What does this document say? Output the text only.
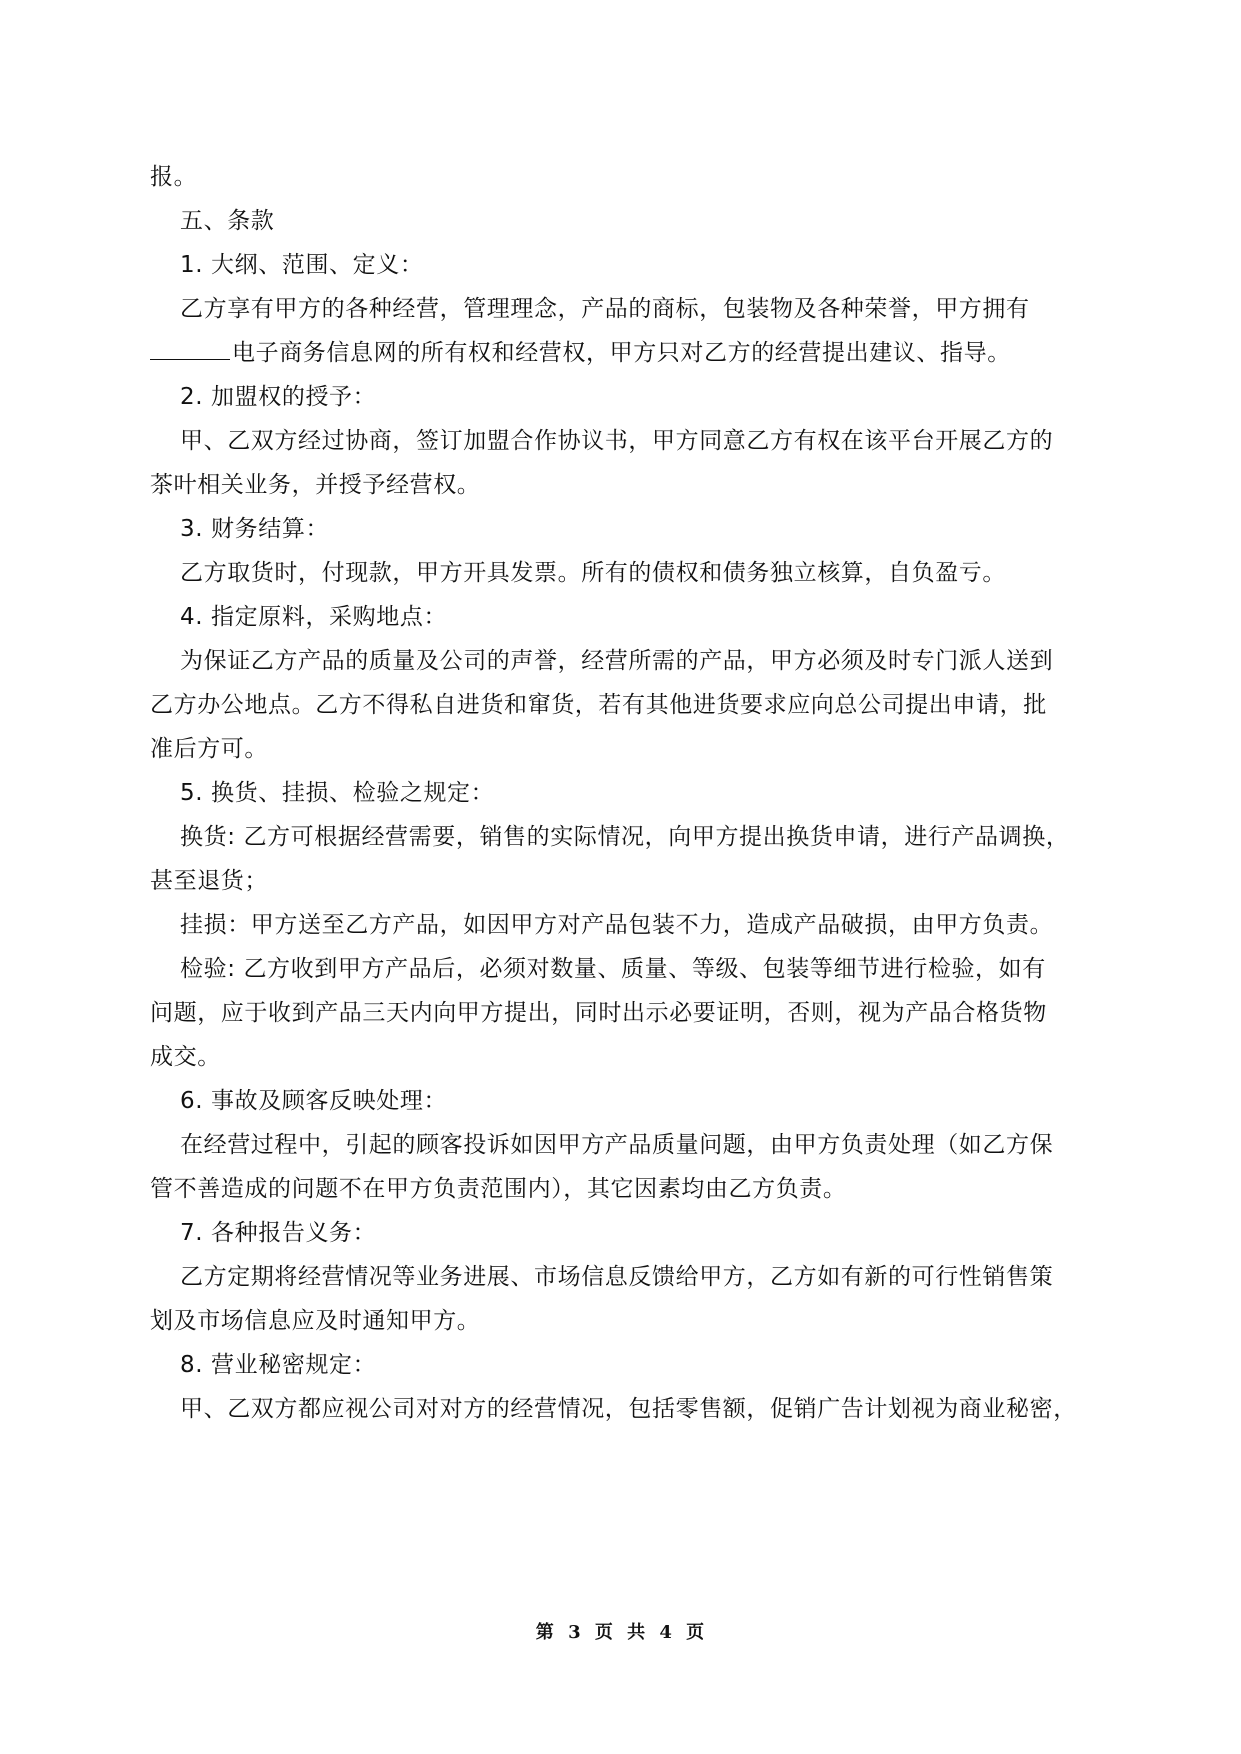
报。
五、条款
1. 大纲、范围、定义：
乙方享有甲方的各种经营，管理理念，产品的商标，包装物及各种荣誉，甲方拥有
电子商务信息网的所有权和经营权，甲方只对乙方的经营提出建议、指导。
2. 加盟权的授予：
甲、乙双方经过协商，签订加盟合作协议书，甲方同意乙方有权在该平台开展乙方的
茶叶相关业务，并授予经营权。
3. 财务结算：
乙方取货时，付现款，甲方开具发票。所有的债权和债务独立核算，自负盈亏。
4. 指定原料，采购地点：
为保证乙方产品的质量及公司的声誉，经营所需的产品，甲方必须及时专门派人送到
乙方办公地点。乙方不得私自进货和窜货，若有其他进货要求应向总公司提出申请，批
准后方可。
5. 换货、挂损、检验之规定：
换货: 乙方可根据经营需要，销售的实际情况，向甲方提出换货申请，进行产品调换，
甚至退货；
挂损：甲方送至乙方产品，如因甲方对产品包装不力，造成产品破损，由甲方负责。
检验: 乙方收到甲方产品后，必须对数量、质量、等级、包装等细节进行检验，如有
问题，应于收到产品三天内向甲方提出，同时出示必要证明，否则，视为产品合格货物
成交。
6. 事故及顾客反映处理：
在经营过程中，引起的顾客投诉如因甲方产品质量问题，由甲方负责处理（如乙方保
管不善造成的问题不在甲方负责范围内），其它因素均由乙方负责。
7. 各种报告义务：
乙方定期将经营情况等业务进展、市场信息反馈给甲方，乙方如有新的可行性销售策
划及市场信息应及时通知甲方。
8. 营业秘密规定：
甲、乙双方都应视公司对对方的经营情况，包括零售额，促销广告计划视为商业秘密，
第 3 页 共 4 页
